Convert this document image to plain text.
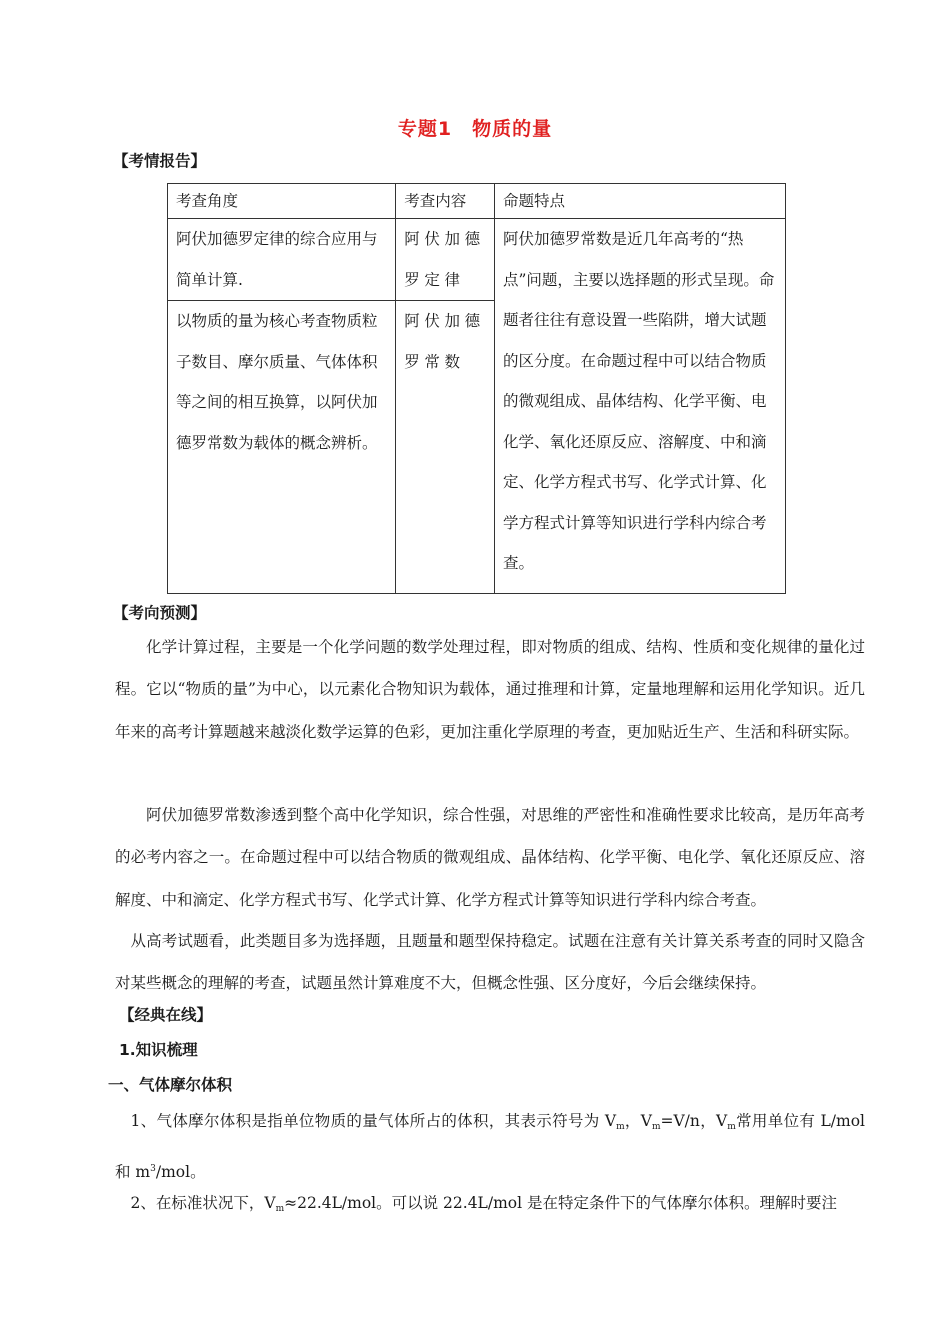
专题1　物质的量
【考情报告】
考查角度	考查内容	命题特点
阿伏加德罗定律的综合应用与简单计算.	阿伏加德罗定律	阿伏加德罗常数是近几年高考的“热点”问题，主要以选择题的形式呈现。命题者往往有意设置一些陷阱，增大试题的区分度。在命题过程中可以结合物质的微观组成、晶体结构、化学平衡、电化学、氧化还原反应、溶解度、中和滴定、化学方程式书写、化学式计算、化学方程式计算等知识进行学科内综合考查。
以物质的量为核心考查物质粒子数目、摩尔质量、气体体积等之间的相互换算，以阿伏加德罗常数为载体的概念辨析。	阿伏加德罗常数	
【考向预测】
化学计算过程，主要是一个化学问题的数学处理过程，即对物质的组成、结构、性质和变化规律的量化过程。它以“物质的量”为中心，以元素化合物知识为载体，通过推理和计算，定量地理解和运用化学知识。近几年来的高考计算题越来越淡化数学运算的色彩，更加注重化学原理的考查，更加贴近生产、生活和科研实际。
阿伏加德罗常数渗透到整个高中化学知识，综合性强，对思维的严密性和准确性要求比较高，是历年高考的必考内容之一。在命题过程中可以结合物质的微观组成、晶体结构、化学平衡、电化学、氧化还原反应、溶解度、中和滴定、化学方程式书写、化学式计算、化学方程式计算等知识进行学科内综合考查。
从高考试题看，此类题目多为选择题，且题量和题型保持稳定。试题在注意有关计算关系考查的同时又隐含对某些概念的理解的考查，试题虽然计算难度不大，但概念性强、区分度好，今后会继续保持。
【经典在线】
1.知识梳理
一、气体摩尔体积
1、气体摩尔体积是指单位物质的量气体所占的体积，其表示符号为 $V_m$，$V_m=V/n$，$V_m$常用单位有 L/mol 和 $m^3$/mol。
2、在标准状况下，$V_m\approx 22.4L$/mol。可以说 22.4L/mol 是在特定条件下的气体摩尔体积。理解时要注
